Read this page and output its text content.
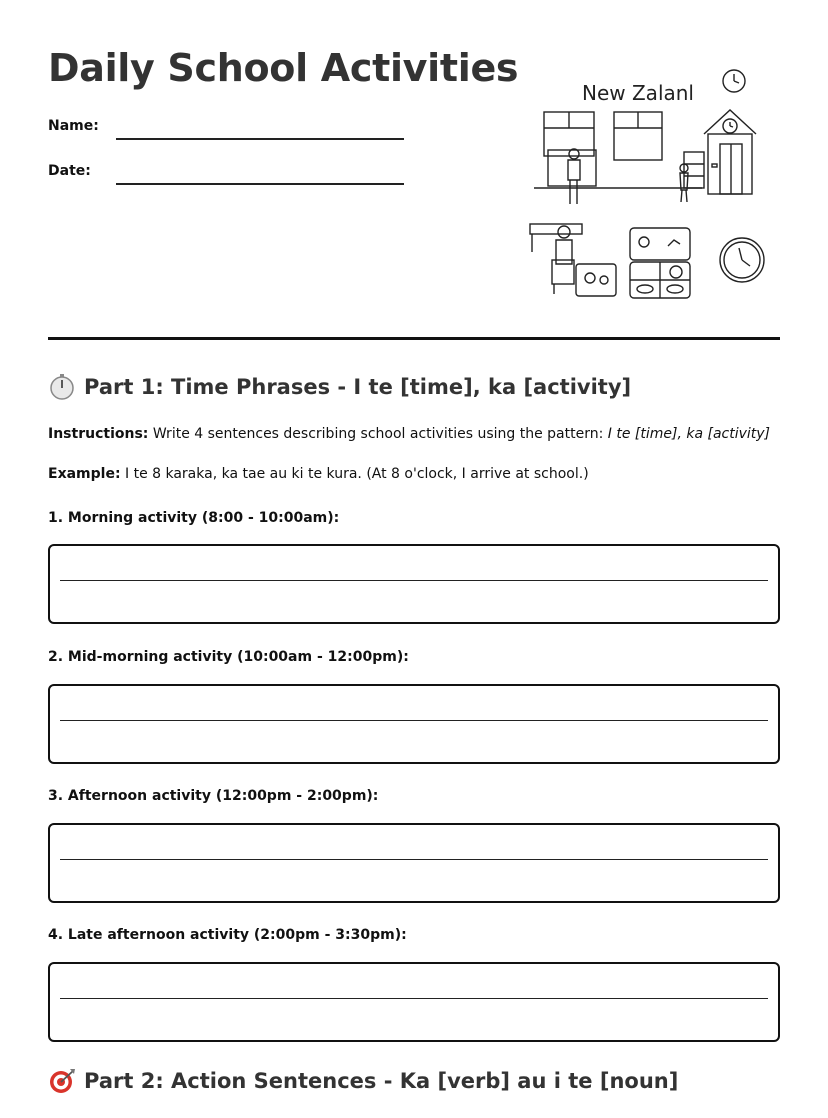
Daily School Activities
Name:
Date:
New Zalanl
Part 1: Time Phrases - I te [time], ka [activity]

Instructions: Write 4 sentences describing school activities using the pattern: I te [time], ka [activity]

Example: I te 8 karaka, ka tae au ki te kura. (At 8 o'clock, I arrive at school.)

1. Morning activity (8:00 - 10:00am):

2. Mid-morning activity (10:00am - 12:00pm):

3. Afternoon activity (12:00pm - 2:00pm):

4. Late afternoon activity (2:00pm - 3:30pm):

Part 2: Action Sentences - Ka [verb] au i te [noun]
